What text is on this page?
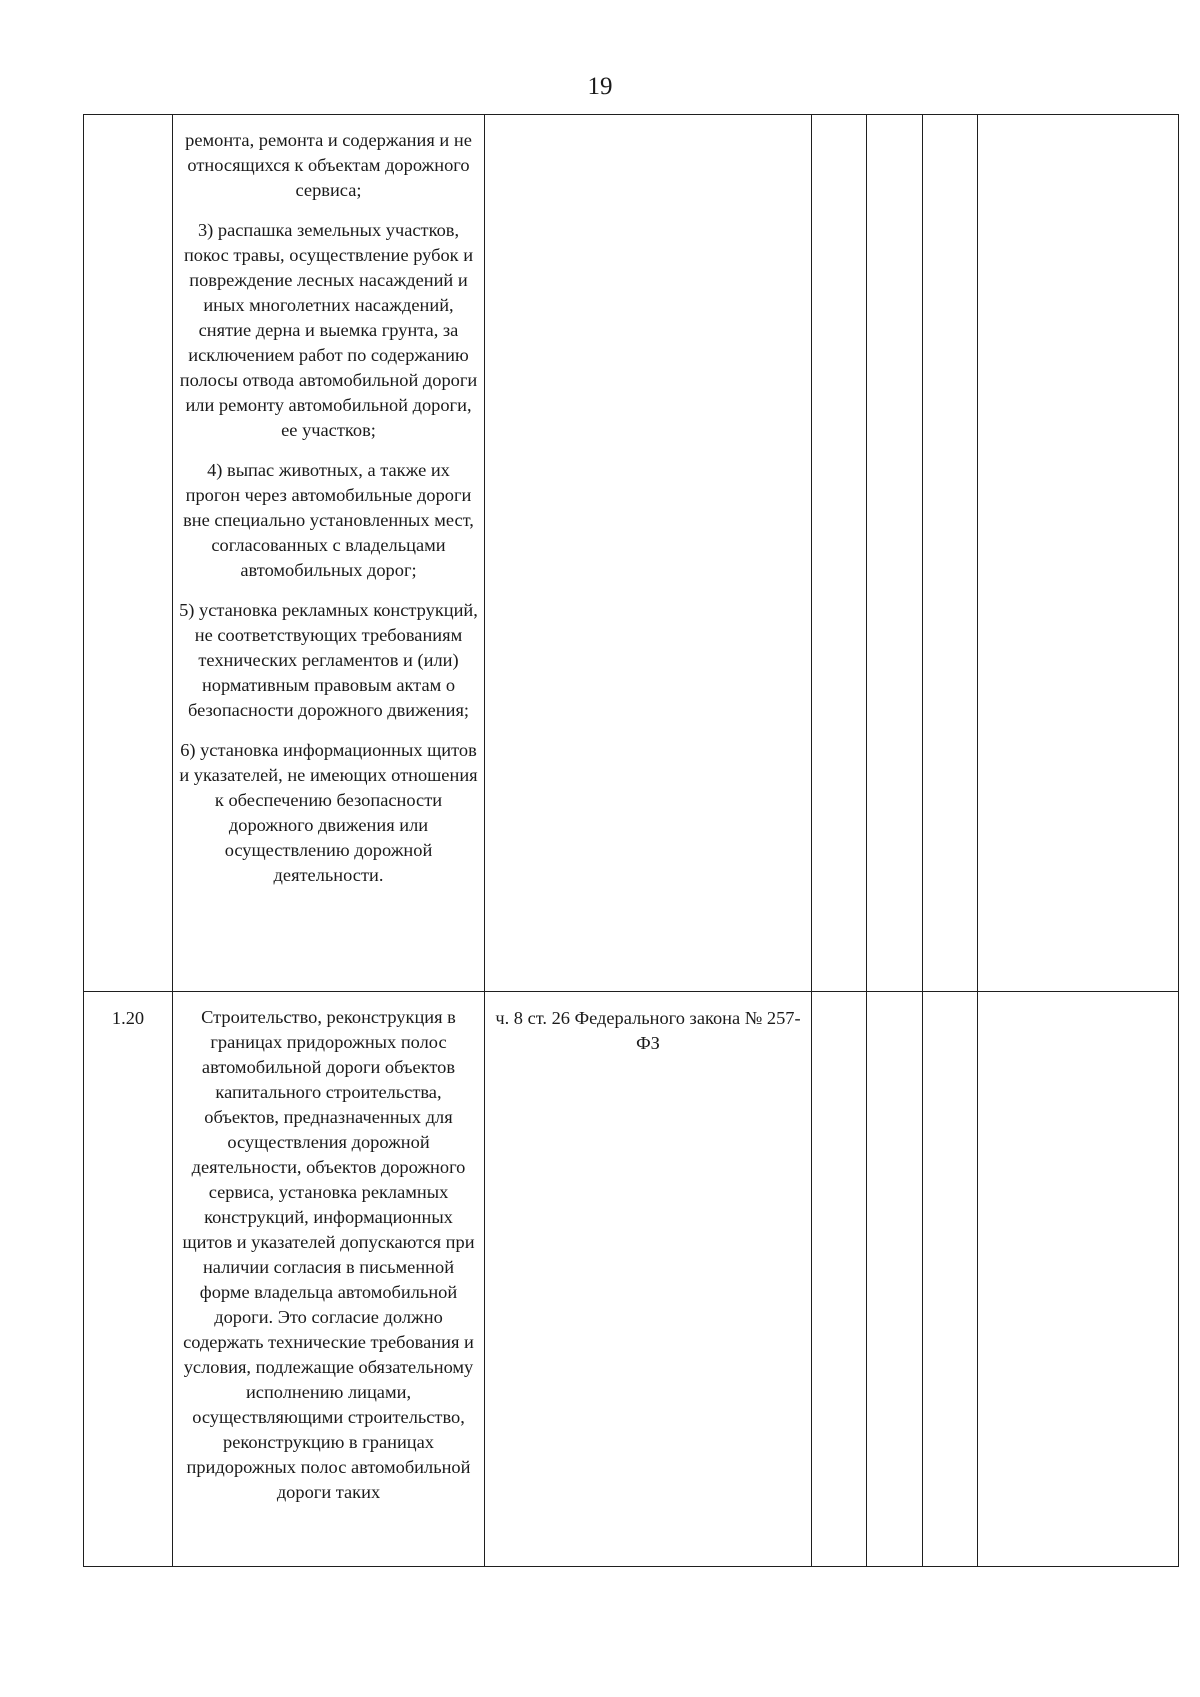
19

	ремонта, ремонта и содержания и не относящихся к объектам дорожного сервиса;

3) распашка земельных участков, покос травы, осуществление рубок и повреждение лесных насаждений и иных многолетних насаждений, снятие дерна и выемка грунта, за исключением работ по содержанию полосы отвода автомобильной дороги или ремонту автомобильной дороги, ее участков;

4) выпас животных, а также их прогон через автомобильные дороги вне специально установленных мест, согласованных с владельцами автомобильных дорог;

5) установка рекламных конструкций, не соответствующих требованиям технических регламентов и (или) нормативным правовым актам о безопасности дорожного движения;

6) установка информационных щитов и указателей, не имеющих отношения к обеспечению безопасности дорожного движения или осуществлению дорожной деятельности.					

1.20	Строительство, реконструкция в границах придорожных полос автомобильной дороги объектов капитального строительства, объектов, предназначенных для осуществления дорожной деятельности, объектов дорожного сервиса, установка рекламных конструкций, информационных щитов и указателей допускаются при наличии согласия в письменной форме владельца автомобильной дороги. Это согласие должно содержать технические требования и условия, подлежащие обязательному исполнению лицами, осуществляющими строительство, реконструкцию в границах придорожных полос автомобильной дороги таких	ч. 8 ст. 26 Федерального закона № 257-ФЗ				
